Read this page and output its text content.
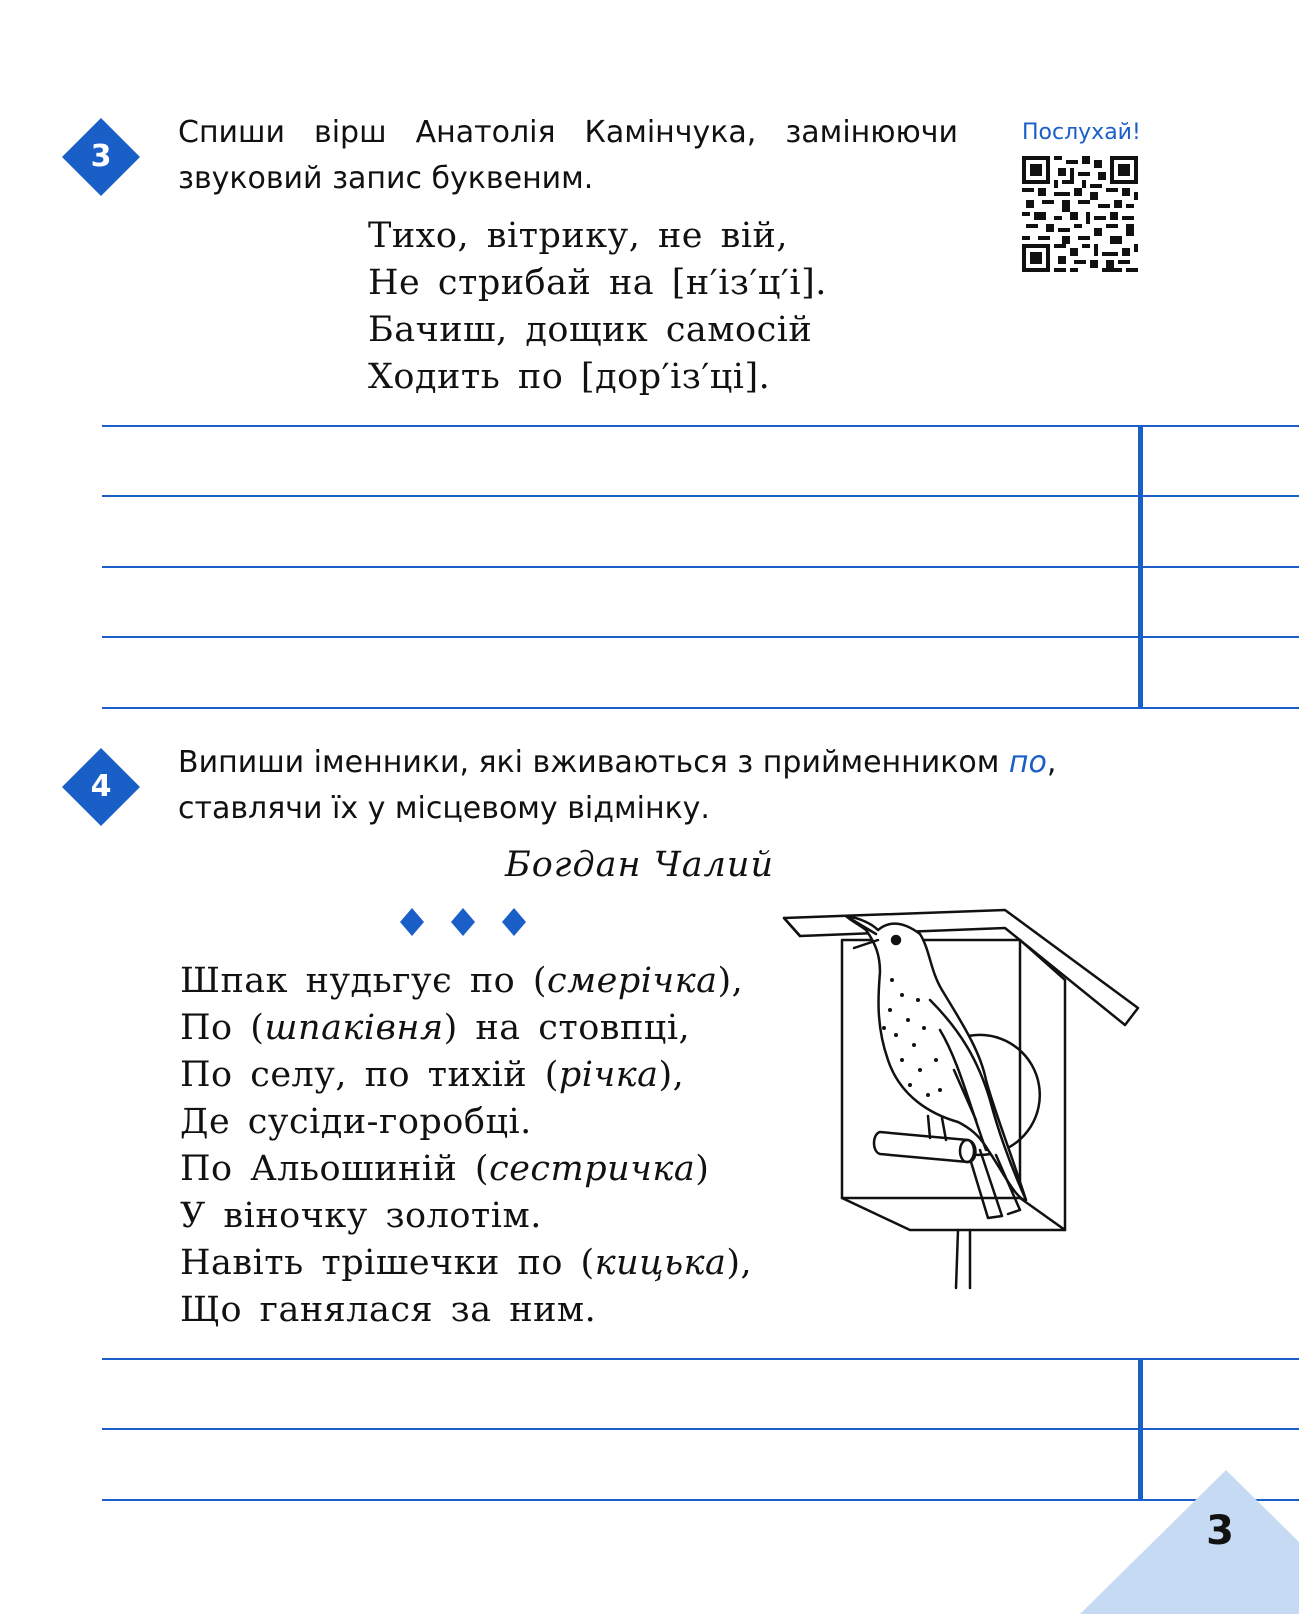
3
Спиши вірш Анатолія Камінчука, замінюючи
звуковий запис буквеним.
Послухай!
Тихо, вітрику, не вій,
Не стрибай на [н′із′ц′і].
Бачиш, дощик самосій
Ходить по [дор′із′ці].
4
Випиши іменники, які вживаються з прийменником по,
ставлячи їх у місцевому відмінку.
Богдан Чалий
Шпак нудьгує по (смерічка),
По (шпаківня) на стовпці,
По селу, по тихій (річка),
Де сусіди-горобці.
По Альошиній (сестричка)
У віночку золотім.
Навіть трішечки по (кицька),
Що ганялася за ним.
3
